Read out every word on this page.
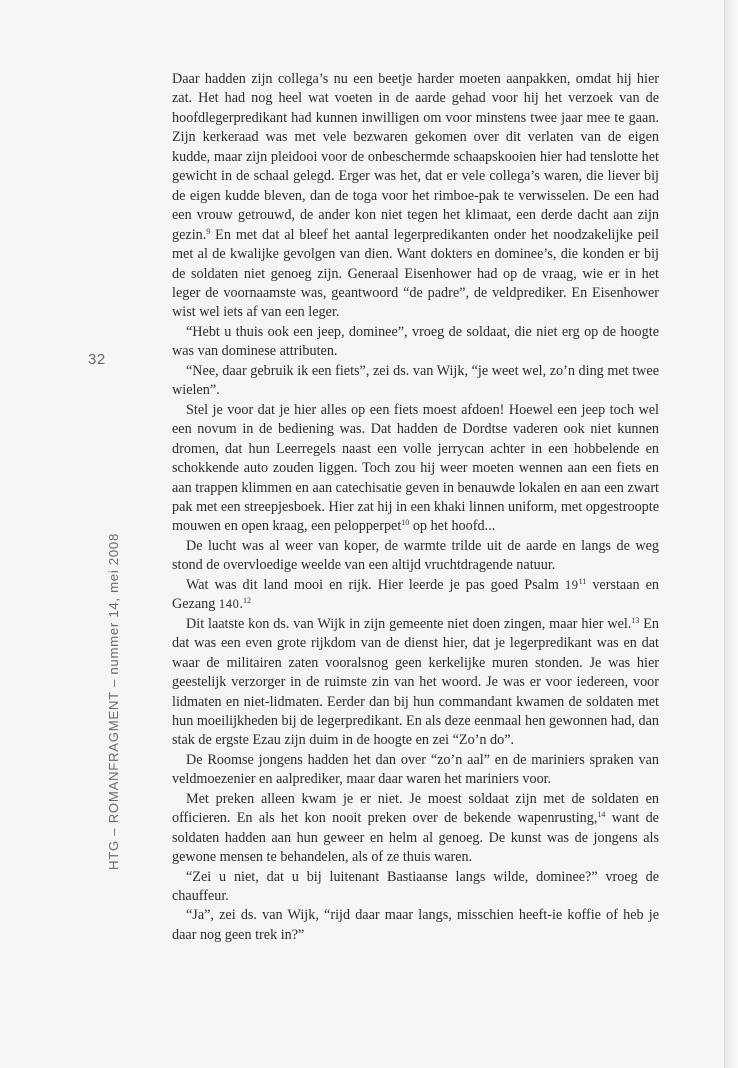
32
HTG – ROMANFRAGMENT – nummer 14, mei 2008

Daar hadden zijn collega’s nu een beetje harder moeten aanpakken, omdat hij hier zat. Het had nog heel wat voeten in de aarde gehad voor hij het verzoek van de hoofdlegerpredikant had kunnen inwilligen om voor minstens twee jaar mee te gaan. Zijn kerkeraad was met vele bezwaren gekomen over dit verlaten van de eigen kudde, maar zijn pleidooi voor de onbeschermde schaapskooien hier had tenslotte het gewicht in de schaal gelegd. Erger was het, dat er vele collega’s waren, die liever bij de eigen kudde bleven, dan de toga voor het rimboe-pak te verwisselen. De een had een vrouw getrouwd, de ander kon niet tegen het klimaat, een derde dacht aan zijn gezin.$^9$ En met dat al bleef het aantal legerpredikanten onder het noodzakelijke peil met al de kwalijke gevolgen van dien. Want dokters en dominee’s, die konden er bij de soldaten niet genoeg zijn. Generaal Eisenhower had op de vraag, wie er in het leger de voornaamste was, geantwoord “de padre”, de veldprediker. En Eisenhower wist wel iets af van een leger.

“Hebt u thuis ook een jeep, dominee”, vroeg de soldaat, die niet erg op de hoogte was van dominese attributen.

“Nee, daar gebruik ik een fiets”, zei ds. van Wijk, “je weet wel, zo’n ding met twee wielen”.

Stel je voor dat je hier alles op een fiets moest afdoen! Hoewel een jeep toch wel een novum in de bediening was. Dat hadden de Dordtse vaderen ook niet kunnen dromen, dat hun Leerregels naast een volle jerrycan achter in een hobbelende en schokkende auto zouden liggen. Toch zou hij weer moeten wennen aan een fiets en aan trappen klimmen en aan catechisatie geven in benauwde lokalen en aan een zwart pak met een streepjesboek. Hier zat hij in een khaki linnen uniform, met opgestroopte mouwen en open kraag, een pelopperpet$^{10}$ op het hoofd...

De lucht was al weer van koper, de warmte trilde uit de aarde en langs de weg stond de overvloedige weelde van een altijd vruchtdragende natuur.

Wat was dit land mooi en rijk. Hier leerde je pas goed Psalm $19^{11}$ verstaan en Gezang 140.12

Dit laatste kon ds. van Wijk in zijn gemeente niet doen zingen, maar hier wel.$^{13}$ En dat was een even grote rijkdom van de dienst hier, dat je legerpredikant was en dat waar de militairen zaten vooralsnog geen kerkelijke muren stonden. Je was hier geestelijk verzorger in de ruimste zin van het woord. Je was er voor iedereen, voor lidmaten en niet-lidmaten. Eerder dan bij hun commandant kwamen de soldaten met hun moeilijkheden bij de legerpredikant. En als deze eenmaal hen gewonnen had, dan stak de ergste Ezau zijn duim in de hoogte en zei “Zo’n do”.

De Roomse jongens hadden het dan over “zo’n aal” en de mariniers spraken van veldmoezenier en aalprediker, maar daar waren het mariniers voor.

Met preken alleen kwam je er niet. Je moest soldaat zijn met de soldaten en officieren. En als het kon nooit preken over de bekende wapenrusting,$^{14}$ want de soldaten hadden aan hun geweer en helm al genoeg. De kunst was de jongens als gewone mensen te behandelen, als of ze thuis waren.

“Zei u niet, dat u bij luitenant Bastiaanse langs wilde, dominee?” vroeg de chauffeur.

“Ja”, zei ds. van Wijk, “rijd daar maar langs, misschien heeft-ie koffie of heb je daar nog geen trek in?”
